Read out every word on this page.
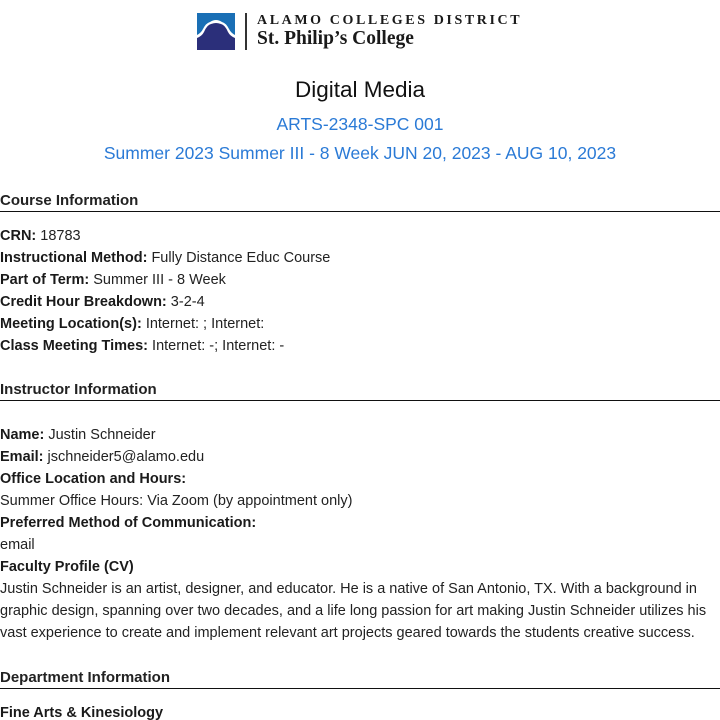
ALAMO COLLEGES DISTRICT
St. Philip’s College
Digital Media
ARTS-2348-SPC 001
Summer 2023 Summer III - 8 Week JUN 20, 2023 - AUG 10, 2023
Course Information
CRN: 18783
Instructional Method: Fully Distance Educ Course
Part of Term: Summer III - 8 Week
Credit Hour Breakdown: 3-2-4
Meeting Location(s): Internet: ; Internet:
Class Meeting Times: Internet: -; Internet: -
Instructor Information
Name: Justin Schneider
Email: jschneider5@alamo.edu
Office Location and Hours:
Summer Office Hours: Via Zoom (by appointment only)
Preferred Method of Communication:
email
Faculty Profile (CV)
Justin Schneider is an artist, designer, and educator. He is a native of San Antonio, TX. With a background in graphic design, spanning over two decades, and a life long passion for art making Justin Schneider utilizes his vast experience to create and implement relevant art projects geared towards the students creative success.
Department Information
Fine Arts & Kinesiology
